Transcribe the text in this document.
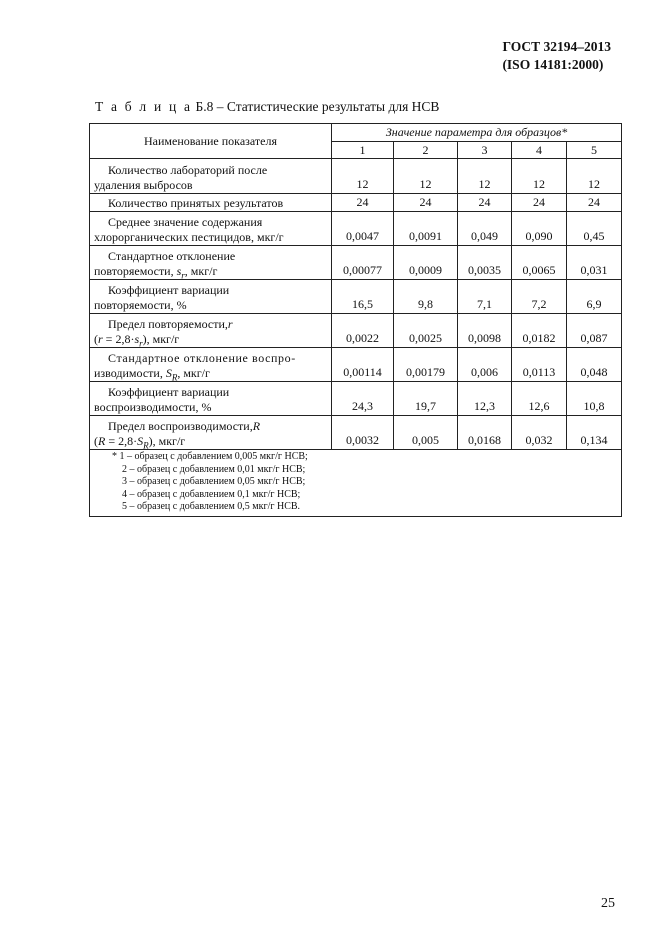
ГОСТ 32194–2013
(ISO 14181:2000)
Т а б л и ц а Б.8 – Статистические результаты для НСВ
Наименование показателя	Значение параметра для образцов*				
	1	2	3	4	5
Количество лабораторий после
удаления выбросов	12	12	12	12	12
Количество принятых результатов	24	24	24	24	24
Среднее значение содержания
хлорорганических пестицидов, мкг/г	0,0047	0,0091	0,049	0,090	0,45
Стандартное отклонение
повторяемости, $s_r$, мкг/г	0,00077	0,0009	0,0035	0,0065	0,031
Коэффициент вариации
повторяемости, %	16,5	9,8	7,1	7,2	6,9
Предел повторяемости,r
$(r = 2,8\cdot s_r)$, мкг/г	0,0022	0,0025	0,0098	0,0182	0,087
Стандартное отклонение воспро-
изводимости, $S_R$, мкг/г	0,00114	0,00179	0,006	0,0113	0,048
Коэффициент вариации
воспроизводимости, %	24,3	19,7	12,3	12,6	10,8
Предел воспроизводимости,R
$(R = 2,8\cdot S_R)$, мкг/г	0,0032	0,005	0,0168	0,032	0,134

* 1 – образец с добавлением 0,005 мкг/г НСВ;
2 – образец с добавлением 0,01 мкг/г НСВ;
3 – образец с добавлением 0,05 мкг/г НСВ;
4 – образец с добавлением 0,1 мкг/г НСВ;
5 – образец с добавлением 0,5 мкг/г НСВ.					
25
